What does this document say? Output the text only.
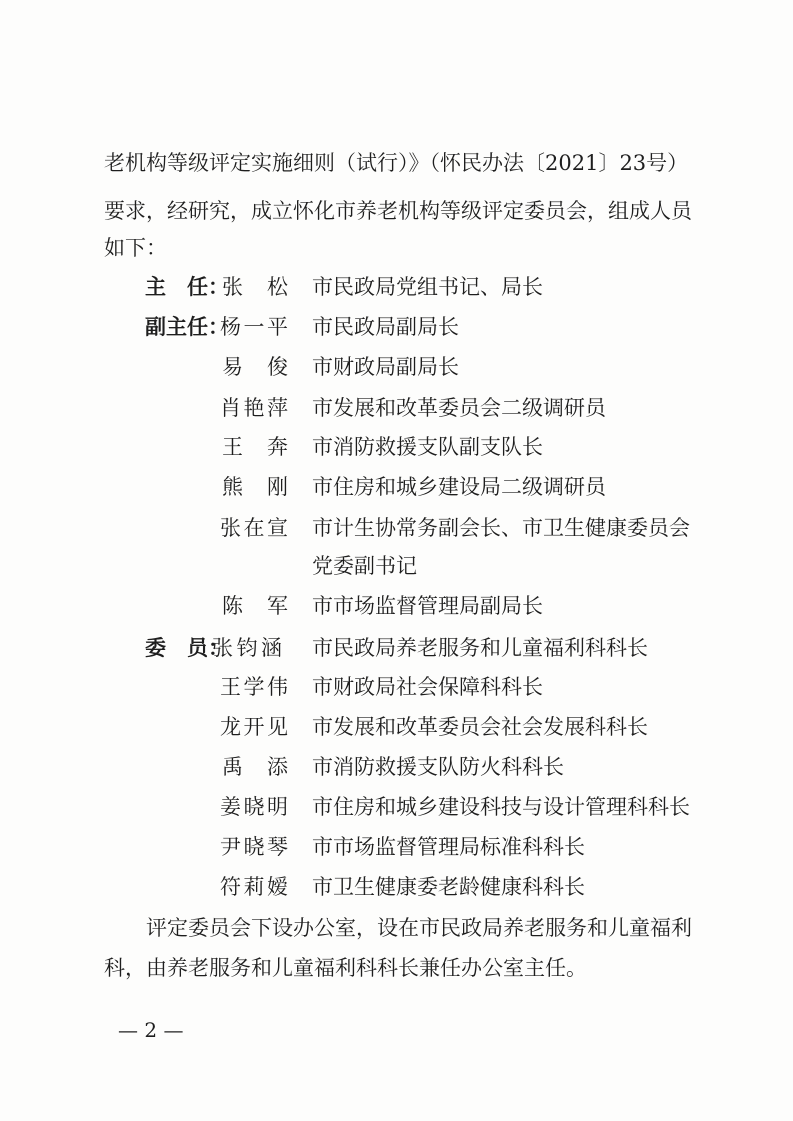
老机构等级评定实施细则（试行）》（怀民办法〔2021〕23号）
要求，经研究，成立怀化市养老机构等级评定委员会，组成人员
如下：
主　任：
张　松 市民政局党组书记、局长
副主任：
杨一平 市民政局副局长
易　俊 市财政局副局长
肖艳萍 市发展和改革委员会二级调研员
王　奔 市消防救援支队副支队长
熊　刚 市住房和城乡建设局二级调研员
张在宣 市计生协常务副会长、市卫生健康委员会
党委副书记
陈　军 市市场监督管理局副局长
委　员：
张钧涵 市民政局养老服务和儿童福利科科长
王学伟 市财政局社会保障科科长
龙开见 市发展和改革委员会社会发展科科长
禹　添 市消防救援支队防火科科长
姜晓明 市住房和城乡建设科技与设计管理科科长
尹晓琴 市市场监督管理局标准科科长
符莉嫒 市卫生健康委老龄健康科科长
评定委员会下设办公室，设在市民政局养老服务和儿童福利
科，由养老服务和儿童福利科科长兼任办公室主任。
— 2 —
